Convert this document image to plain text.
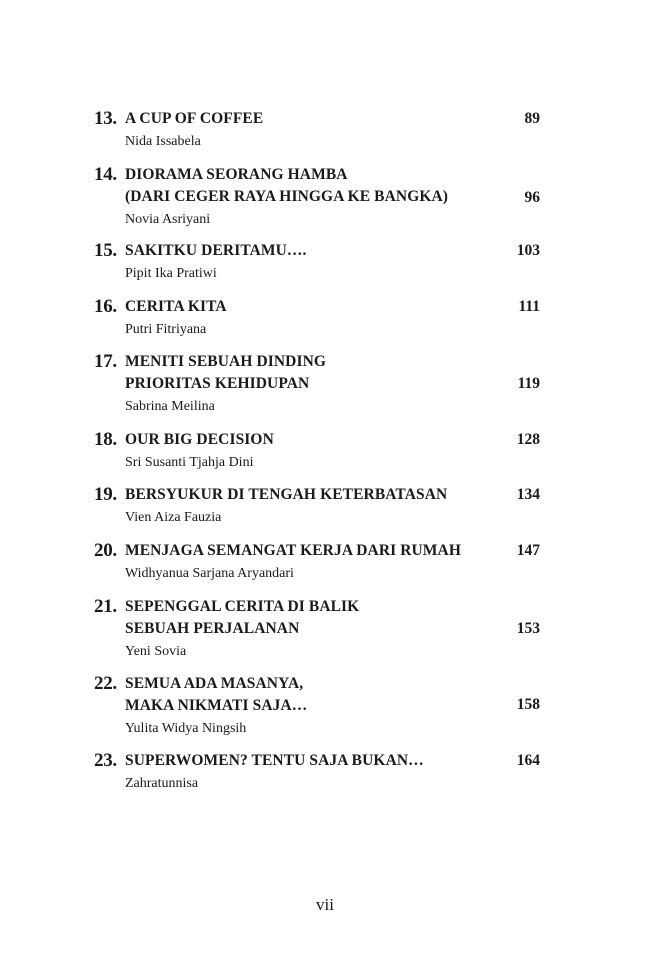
13. A CUP OF COFFEE
Nida Issabela
89
14. DIORAMA SEORANG HAMBA
(DARI CEGER RAYA HINGGA KE BANGKA)
Novia Asriyani
96
15. SAKITKU DERITAMU….
Pipit Ika Pratiwi
103
16. CERITA KITA
Putri Fitriyana
111
17. MENITI SEBUAH DINDING
PRIORITAS KEHIDUPAN
Sabrina Meilina
119
18. OUR BIG DECISION
Sri Susanti Tjahja Dini
128
19. BERSYUKUR DI TENGAH KETERBATASAN
Vien Aiza Fauzia
134
20. MENJAGA SEMANGAT KERJA DARI RUMAH
Widhyanua Sarjana Aryandari
147
21. SEPENGGAL CERITA DI BALIK
SEBUAH PERJALANAN
Yeni Sovia
153
22. SEMUA ADA MASANYA,
MAKA NIKMATI SAJA…
Yulita Widya Ningsih
158
23. SUPERWOMEN? TENTU SAJA BUKAN…
Zahratunnisa
164
vii
